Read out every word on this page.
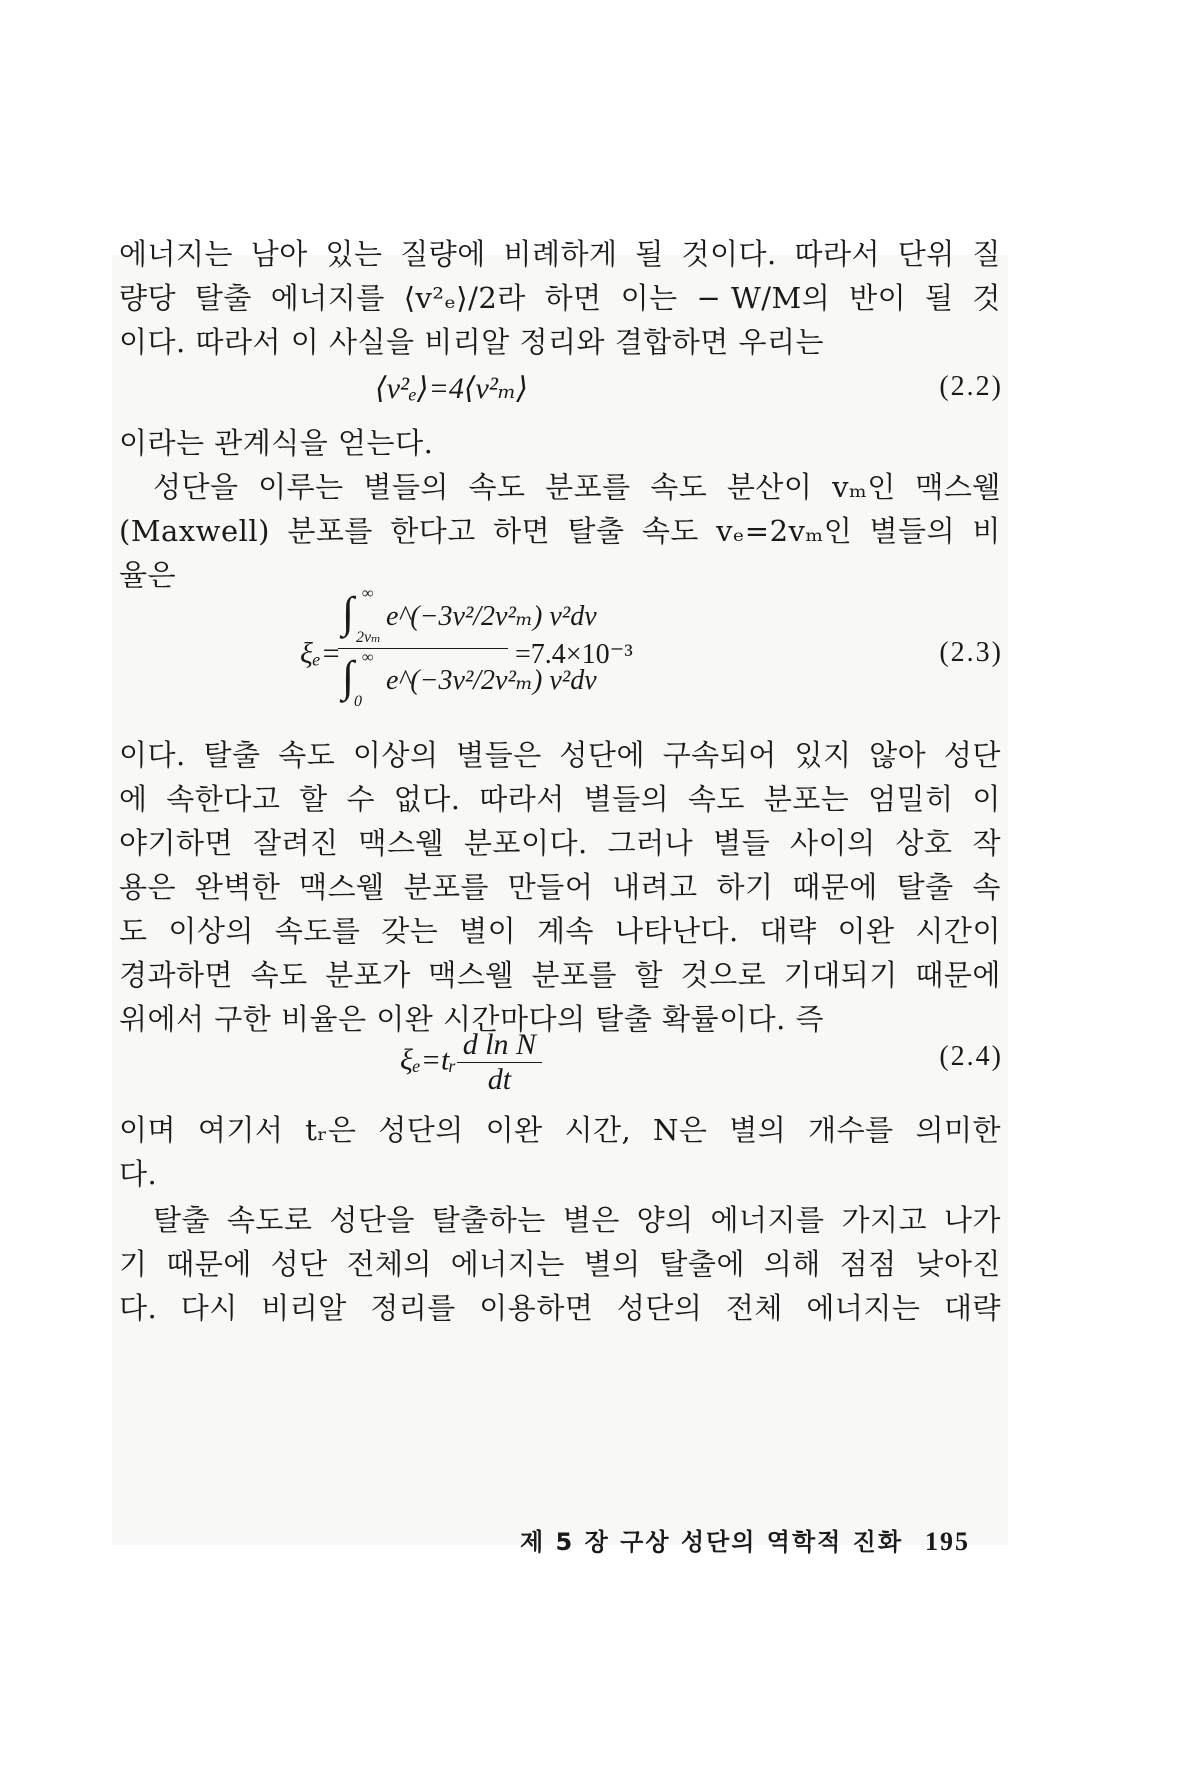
에너지는 남아 있는 질량에 비례하게 될 것이다. 따라서 단위 질
량당 탈출 에너지를 ⟨v²ₑ⟩/2라 하면 이는 − W/M의 반이 될 것
이다. 따라서 이 사실을 비리알 정리와 결합하면 우리는
⟨v²ₑ⟩=4⟨v²ₘ⟩	(2.2)
이라는 관계식을 얻는다.
성단을 이루는 별들의 속도 분포를 속도 분산이 vₘ인 맥스웰
(Maxwell) 분포를 한다고 하면 탈출 속도 vₑ=2vₘ인 별들의 비
율은
ξₑ=
∫ ∞
2vₘ
e^(−3v²/2v²ₘ) v²dv
∫ ∞
0
e^(−3v²/2v²ₘ) v²dv
=7.4×10⁻³	(2.3)
이다. 탈출 속도 이상의 별들은 성단에 구속되어 있지 않아 성단
에 속한다고 할 수 없다. 따라서 별들의 속도 분포는 엄밀히 이
야기하면 잘려진 맥스웰 분포이다. 그러나 별들 사이의 상호 작
용은 완벽한 맥스웰 분포를 만들어 내려고 하기 때문에 탈출 속
도 이상의 속도를 갖는 별이 계속 나타난다. 대략 이완 시간이
경과하면 속도 분포가 맥스웰 분포를 할 것으로 기대되기 때문에
위에서 구한 비율은 이완 시간마다의 탈출 확률이다. 즉
ξₑ=tᵣ $\frac{\text{d ln N}}{dt}$	(2.4)
이며 여기서 tᵣ은 성단의 이완 시간, N은 별의 개수를 의미한
다.
탈출 속도로 성단을 탈출하는 별은 양의 에너지를 가지고 나가
기 때문에 성단 전체의 에너지는 별의 탈출에 의해 점점 낮아진
다. 다시 비리알 정리를 이용하면 성단의 전체 에너지는 대략
제 5 장 구상 성단의 역학적 진화 195
